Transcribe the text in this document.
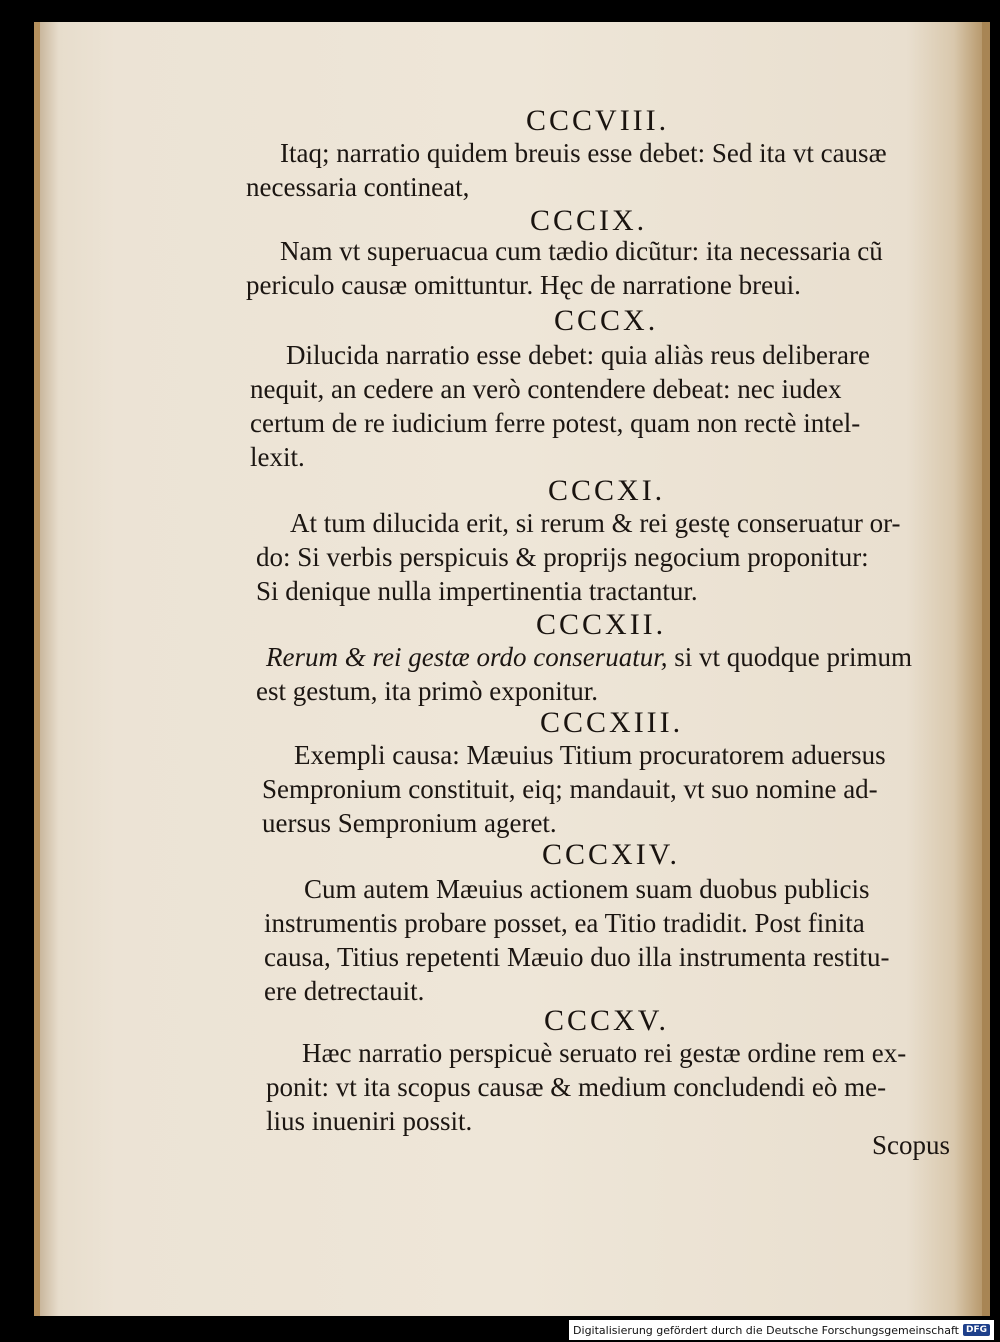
CCCVIII.
Itaq; narratio quidem breuis esse debet: Sed ita vt causæ
necessaria contineat,
CCCIX.
Nam vt superuacua cum tædio dicũtur: ita necessaria cũ
periculo causæ omittuntur. Hęc de narratione breui.
CCCX.
Dilucida narratio esse debet: quia aliàs reus deliberare
nequit, an cedere an verò contendere debeat: nec iudex
certum de re iudicium ferre potest, quam non rectè intel-
lexit.
CCCXI.
At tum dilucida erit, si rerum & rei gestę conseruatur or-
do: Si verbis perspicuis & proprijs negocium proponitur:
Si denique nulla impertinentia tractantur.
CCCXII.
Rerum & rei gestæ ordo conseruatur, si vt quodque primum
est gestum, ita primò exponitur.
CCCXIII.
Exempli causa: Mæuius Titium procuratorem aduersus
Sempronium constituit, eiq; mandauit, vt suo nomine ad-
uersus Sempronium ageret.
CCCXIV.
Cum autem Mæuius actionem suam duobus publicis
instrumentis probare posset, ea Titio tradidit. Post finita
causa, Titius repetenti Mæuio duo illa instrumenta restitu-
ere detrectauit.
CCCXV.
Hæc narratio perspicuè seruato rei gestæ ordine rem ex-
ponit: vt ita scopus causæ & medium concludendi eò me-
lius inueniri possit.
Scopus
Digitalisierung gefördert durch die Deutsche Forschungsgemeinschaft DFG
